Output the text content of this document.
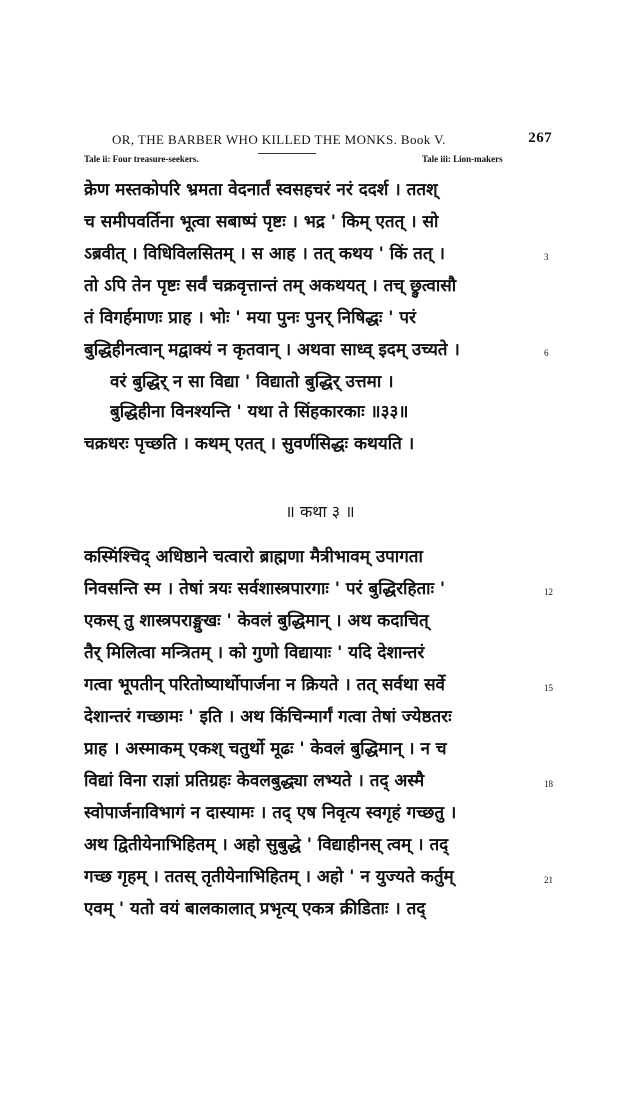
OR, THE BARBER WHO KILLED THE MONKS. Book V.	267
Tale ii: Four treasure-seekers.	Tale iii: Lion-makers
क्रेण मस्तकोपरि भ्रमता वेदनार्तं स्वसहचरं नरं ददर्श । ततश्
च समीपवर्तिना भूत्वा सबाष्पं पृष्टः । भद्र ' किम् एतत् । सो
ऽब्रवीत् । विधिविलसितम् । स आह । तत् कथय ' किं तत् ।
तो ऽपि तेन पृष्टः सर्वं चक्रवृत्तान्तं तम् अकथयत् । तच् छ्रुत्वासौ
तं विगर्हमाणः प्राह । भोः ' मया पुनः पुनर् निषिद्धः ' परं
बुद्धिहीनत्वान् मद्वाक्यं न कृतवान् । अथवा साध्व् इदम् उच्यते ।
वरं बुद्धिर् न सा विद्या ' विद्यातो बुद्धिर् उत्तमा ।
बुद्धिहीना विनश्यन्ति ' यथा ते सिंहकारकाः ॥३३॥
चक्रधरः पृच्छति । कथम् एतत् । सुवर्णसिद्धः कथयति ।
॥ कथा ३ ॥
कस्मिंश्चिद् अधिष्ठाने चत्वारो ब्राह्मणा मैत्रीभावम् उपागता
निवसन्ति स्म । तेषां त्रयः सर्वशास्त्रपारगाः ' परं बुद्धिरहिताः '
एकस् तु शास्त्रपराङ्मुखः ' केवलं बुद्धिमान् । अथ कदाचित्
तैर् मिलित्वा मन्त्रितम् । को गुणो विद्यायाः ' यदि देशान्तरं
गत्वा भूपतीन् परितोष्यार्थोपार्जना न क्रियते । तत् सर्वथा सर्वे
देशान्तरं गच्छामः ' इति । अथ किंचिन्मार्गं गत्वा तेषां ज्येष्ठतरः
प्राह । अस्माकम् एकश् चतुर्थो मूढः ' केवलं बुद्धिमान् । न च
विद्यां विना राज्ञां प्रतिग्रहः केवलबुद्ध्या लभ्यते । तद् अस्मै
स्वोपार्जनाविभागं न दास्यामः । तद् एष निवृत्य स्वगृहं गच्छतु ।
अथ द्वितीयेनाभिहितम् । अहो सुबुद्धे ' विद्याहीनस् त्वम् । तद्
गच्छ गृहम् । ततस् तृतीयेनाभिहितम् । अहो ' न युज्यते कर्तुम्
एवम् ' यतो वयं बालकालात् प्रभृत्य् एकत्र क्रीडिताः । तद्
3
6
12
15
18
21
